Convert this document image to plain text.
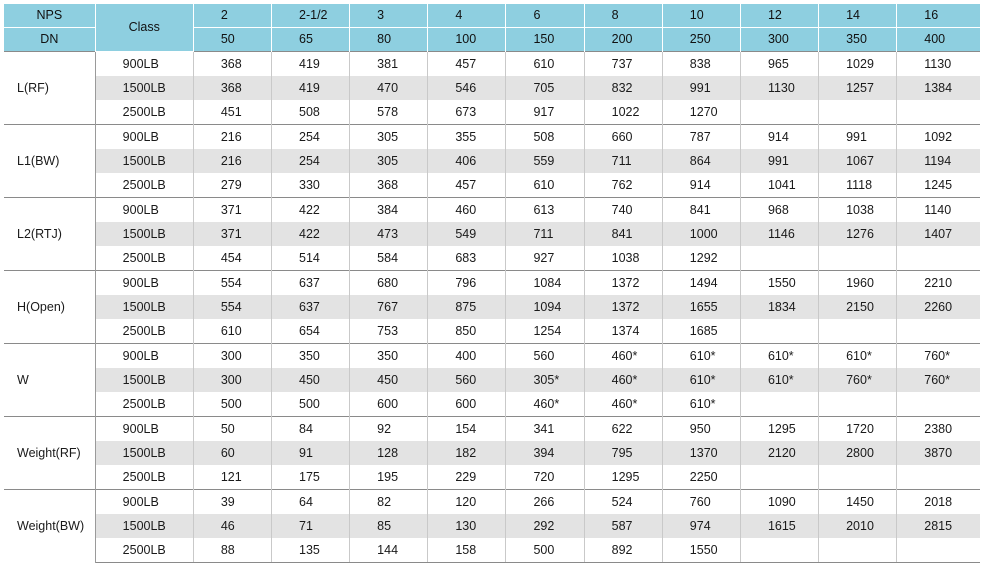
NPS	Class	2	2-1/2	3	4	6	8	10	12	14	16
DN		50	65	80	100	150	200	250	300	350	400
L(RF)	900LB	368	419	381	457	610	737	838	965	1029	1130
	1500LB	368	419	470	546	705	832	991	1130	1257	1384
	2500LB	451	508	578	673	917	1022	1270			
L1(BW)	900LB	216	254	305	355	508	660	787	914	991	1092
	1500LB	216	254	305	406	559	711	864	991	1067	1194
	2500LB	279	330	368	457	610	762	914	1041	1118	1245
L2(RTJ)	900LB	371	422	384	460	613	740	841	968	1038	1140
	1500LB	371	422	473	549	711	841	1000	1146	1276	1407
	2500LB	454	514	584	683	927	1038	1292			
H(Open)	900LB	554	637	680	796	1084	1372	1494	1550	1960	2210
	1500LB	554	637	767	875	1094	1372	1655	1834	2150	2260
	2500LB	610	654	753	850	1254	1374	1685			
W	900LB	300	350	350	400	560	460*	610*	610*	610*	760*
	1500LB	300	450	450	560	305*	460*	610*	610*	760*	760*
	2500LB	500	500	600	600	460*	460*	610*			
Weight(RF)	900LB	50	84	92	154	341	622	950	1295	1720	2380
	1500LB	60	91	128	182	394	795	1370	2120	2800	3870
	2500LB	121	175	195	229	720	1295	2250			
Weight(BW)	900LB	39	64	82	120	266	524	760	1090	1450	2018
	1500LB	46	71	85	130	292	587	974	1615	2010	2815
	2500LB	88	135	144	158	500	892	1550			
